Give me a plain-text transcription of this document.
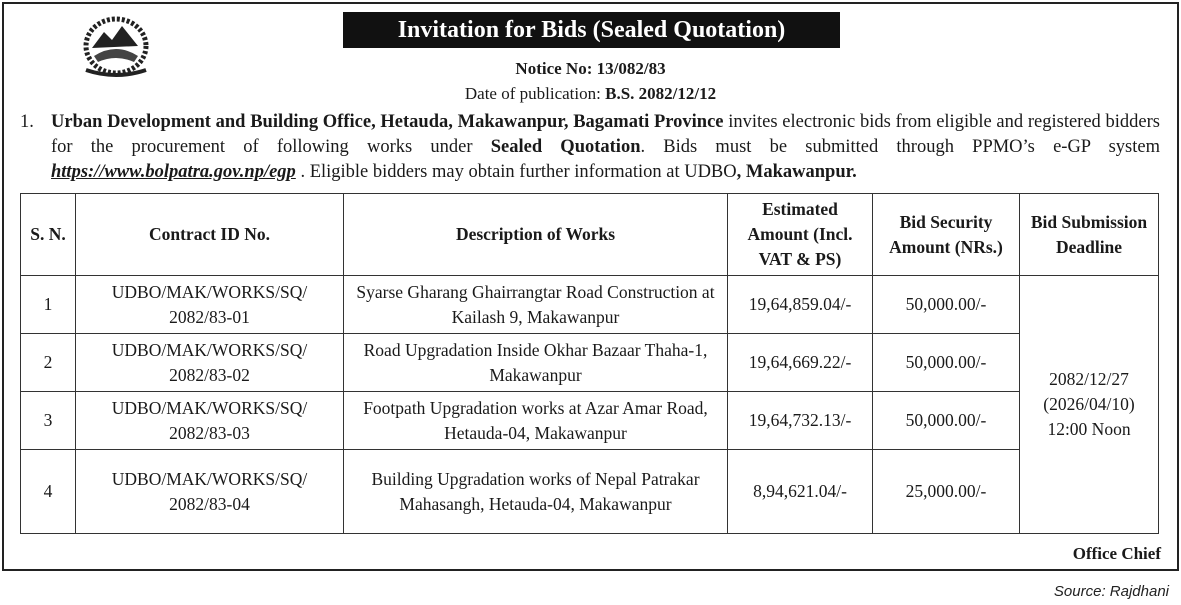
Invitation for Bids (Sealed Quotation)
Notice No: 13/082/83
Date of publication: B.S. 2082/12/12
1. Urban Development and Building Office, Hetauda, Makawanpur, Bagamati Province invites electronic bids from eligible and registered bidders for the procurement of following works under Sealed Quotation. Bids must be submitted through PPMO’s e-GP system https://www.bolpatra.gov.np/egp . Eligible bidders may obtain further information at UDBO, Makawanpur.
S. N.	Contract ID No.	Description of Works	Estimated Amount (Incl. VAT & PS)	Bid Security Amount (NRs.)	Bid Submission Deadline
1	UDBO/MAK/WORKS/SQ/ 2082/83-01	Syarse Gharang Ghairrangtar Road Construction at Kailash 9, Makawanpur	19,64,859.04/-	50,000.00/-	2082/12/27
(2026/04/10)
12:00 Noon
2	UDBO/MAK/WORKS/SQ/ 2082/83-02	Road Upgradation Inside Okhar Bazaar Thaha-1, Makawanpur	19,64,669.22/-	50,000.00/-	
3	UDBO/MAK/WORKS/SQ/ 2082/83-03	Footpath Upgradation works at Azar Amar Road, Hetauda-04, Makawanpur	19,64,732.13/-	50,000.00/-	
4	UDBO/MAK/WORKS/SQ/ 2082/83-04	Building Upgradation works of Nepal Patrakar Mahasangh, Hetauda-04, Makawanpur	8,94,621.04/-	25,000.00/-	
Office Chief
Source: Rajdhani
